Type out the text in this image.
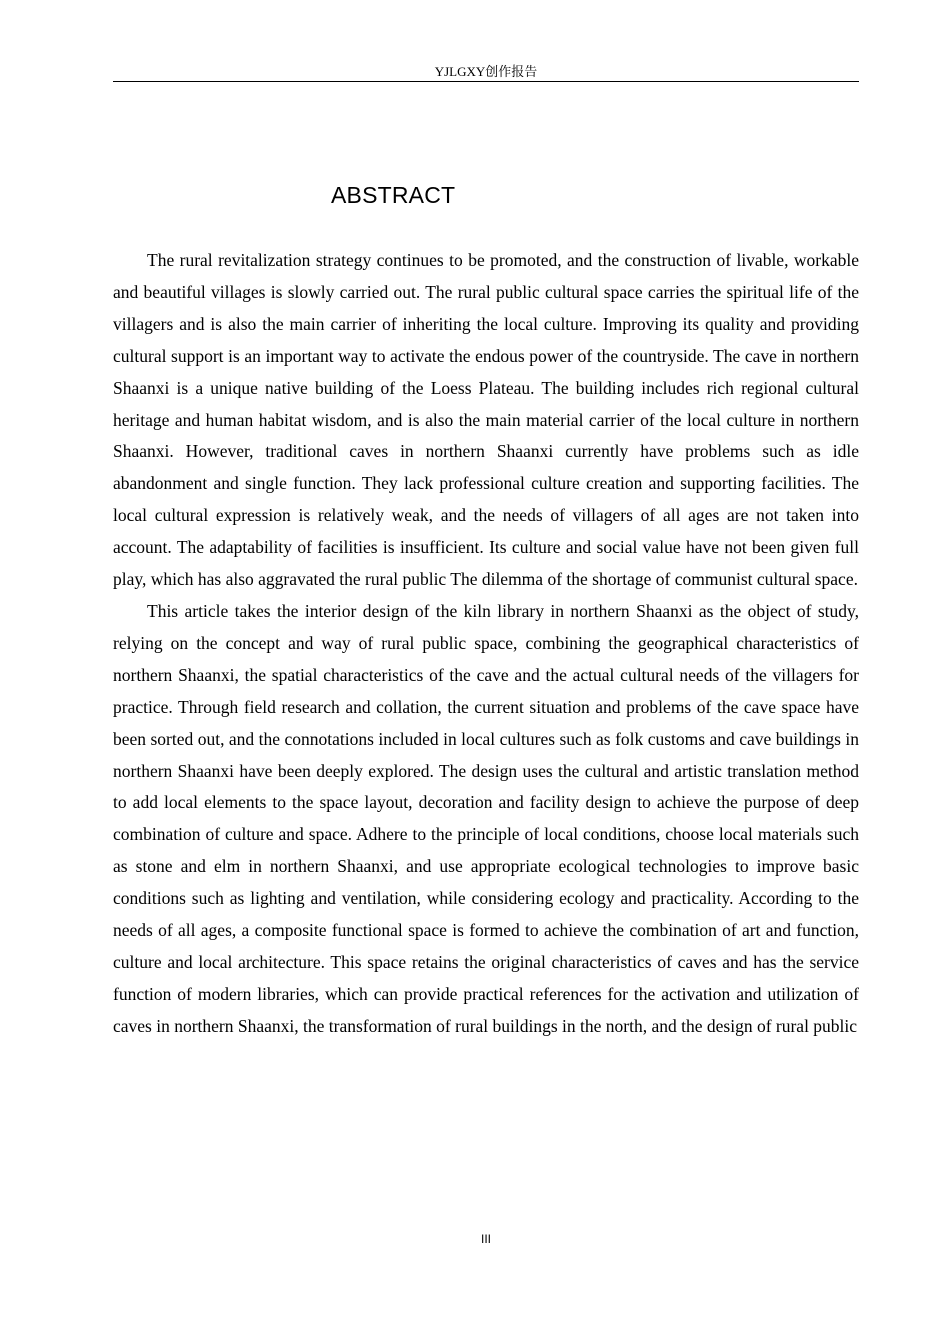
YJLGXY创作报告
ABSTRACT

The rural revitalization strategy continues to be promoted, and the construction of livable, workable and beautiful villages is slowly carried out. The rural public cultural space carries the spiritual life of the villagers and is also the main carrier of inheriting the local culture. Improving its quality and providing cultural support is an important way to activate the endous power of the countryside. The cave in northern Shaanxi is a unique native building of the Loess Plateau. The building includes rich regional cultural heritage and human habitat wisdom, and is also the main material carrier of the local culture in northern Shaanxi. However, traditional caves in northern Shaanxi currently have problems such as idle abandonment and single function. They lack professional culture creation and supporting facilities. The local cultural expression is relatively weak, and the needs of villagers of all ages are not taken into account. The adaptability of facilities is insufficient. Its culture and social value have not been given full play, which has also aggravated the rural public The dilemma of the shortage of communist cultural space.

This article takes the interior design of the kiln library in northern Shaanxi as the object of study, relying on the concept and way of rural public space, combining the geographical characteristics of northern Shaanxi, the spatial characteristics of the cave and the actual cultural needs of the villagers for practice. Through field research and collation, the current situation and problems of the cave space have been sorted out, and the connotations included in local cultures such as folk customs and cave buildings in northern Shaanxi have been deeply explored. The design uses the cultural and artistic translation method to add local elements to the space layout, decoration and facility design to achieve the purpose of deep combination of culture and space. Adhere to the principle of local conditions, choose local materials such as stone and elm in northern Shaanxi, and use appropriate ecological technologies to improve basic conditions such as lighting and ventilation, while considering ecology and practicality. According to the needs of all ages, a composite functional space is formed to achieve the combination of art and function, culture and local architecture. This space retains the original characteristics of caves and has the service function of modern libraries, which can provide practical references for the activation and utilization of caves in northern Shaanxi, the transformation of rural buildings in the north, and the design of rural public

III
